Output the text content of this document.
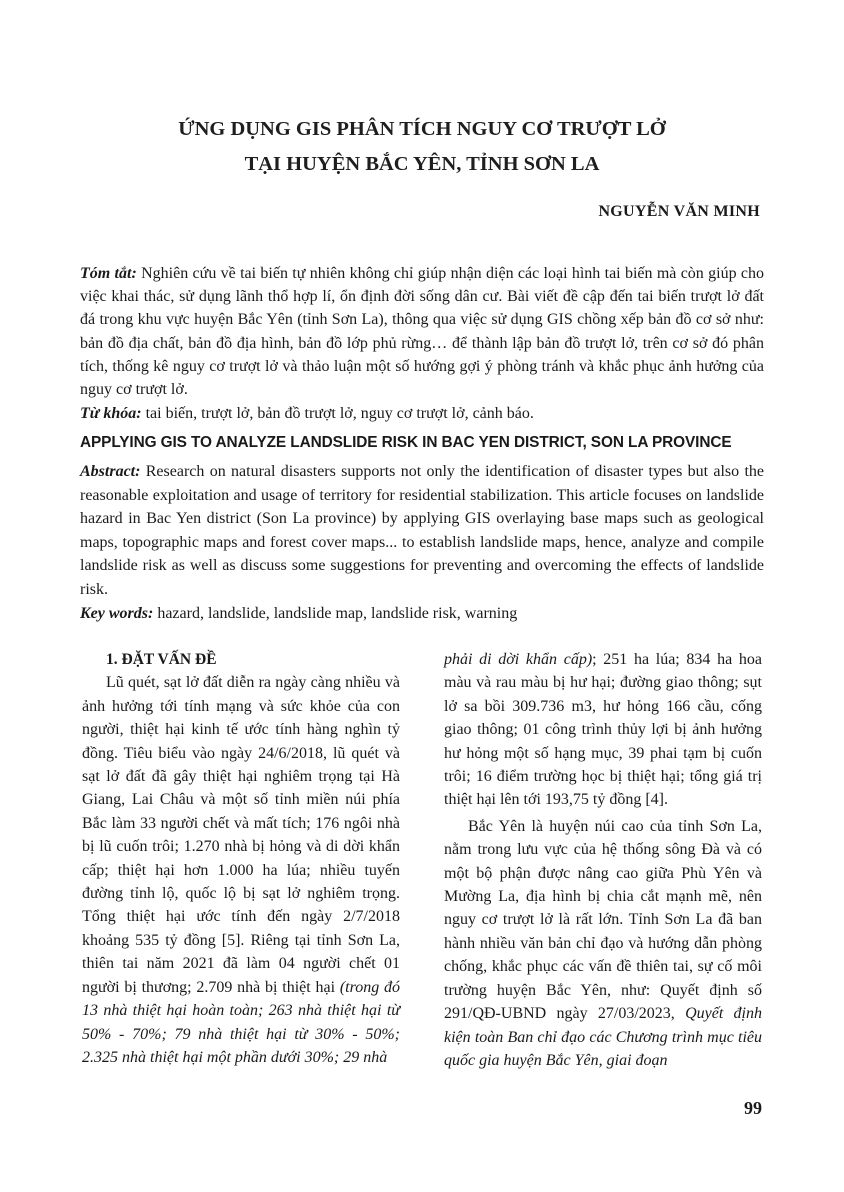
ỨNG DỤNG GIS PHÂN TÍCH NGUY CƠ TRƯỢT LỞ
TẠI HUYỆN BẮC YÊN, TỈNH SƠN LA
NGUYỄN VĂN MINH

Tóm tắt: Nghiên cứu về tai biến tự nhiên không chỉ giúp nhận diện các loại hình tai biến mà còn giúp cho việc khai thác, sử dụng lãnh thổ hợp lí, ổn định đời sống dân cư. Bài viết đề cập đến tai biến trượt lở đất đá trong khu vực huyện Bắc Yên (tỉnh Sơn La), thông qua việc sử dụng GIS chồng xếp bản đồ cơ sở như: bản đồ địa chất, bản đồ địa hình, bản đồ lớp phủ rừng… để thành lập bản đồ trượt lở, trên cơ sở đó phân tích, thống kê nguy cơ trượt lở và thảo luận một số hướng gợi ý phòng tránh và khắc phục ảnh hưởng của nguy cơ trượt lở.

Từ khóa: tai biến, trượt lở, bản đồ trượt lở, nguy cơ trượt lở, cảnh báo.

APPLYING GIS TO ANALYZE LANDSLIDE RISK IN BAC YEN DISTRICT, SON LA PROVINCE

Abstract: Research on natural disasters supports not only the identification of disaster types but also the reasonable exploitation and usage of territory for residential stabilization. This article focuses on landslide hazard in Bac Yen district (Son La province) by applying GIS overlaying base maps such as geological maps, topographic maps and forest cover maps... to establish landslide maps, hence, analyze and compile landslide risk as well as discuss some suggestions for preventing and overcoming the effects of landslide risk.

Key words: hazard, landslide, landslide map, landslide risk, warning

1. ĐẶT VẤN ĐỀ

Lũ quét, sạt lở đất diễn ra ngày càng nhiều và ảnh hưởng tới tính mạng và sức khỏe của con người, thiệt hại kinh tế ước tính hàng nghìn tỷ đồng. Tiêu biểu vào ngày 24/6/2018, lũ quét và sạt lở đất đã gây thiệt hại nghiêm trọng tại Hà Giang, Lai Châu và một số tỉnh miền núi phía Bắc làm 33 người chết và mất tích; 176 ngôi nhà bị lũ cuốn trôi; 1.270 nhà bị hỏng và di dời khẩn cấp; thiệt hại hơn 1.000 ha lúa; nhiều tuyến đường tỉnh lộ, quốc lộ bị sạt lở nghiêm trọng. Tổng thiệt hại ước tính đến ngày 2/7/2018 khoảng 535 tỷ đồng [5]. Riêng tại tỉnh Sơn La, thiên tai năm 2021 đã làm 04 người chết 01 người bị thương; 2.709 nhà bị thiệt hại (trong đó 13 nhà thiệt hại hoàn toàn; 263 nhà thiệt hại từ 50% - 70%; 79 nhà thiệt hại từ 30% - 50%; 2.325 nhà thiệt hại một phần dưới 30%; 29 nhà

phải di dời khẩn cấp); 251 ha lúa; 834 ha hoa màu và rau màu bị hư hại; đường giao thông; sụt lở sa bồi 309.736 m3, hư hỏng 166 cầu, cống giao thông; 01 công trình thủy lợi bị ảnh hưởng hư hỏng một số hạng mục, 39 phai tạm bị cuốn trôi; 16 điểm trường học bị thiệt hại; tổng giá trị thiệt hại lên tới 193,75 tỷ đồng [4].

Bắc Yên là huyện núi cao của tỉnh Sơn La, nằm trong lưu vực của hệ thống sông Đà và có một bộ phận được nâng cao giữa Phù Yên và Mường La, địa hình bị chia cắt mạnh mẽ, nên nguy cơ trượt lở là rất lớn. Tỉnh Sơn La đã ban hành nhiều văn bản chỉ đạo và hướng dẫn phòng chống, khắc phục các vấn đề thiên tai, sự cố môi trường huyện Bắc Yên, như: Quyết định số 291/QĐ-UBND ngày 27/03/2023, Quyết định kiện toàn Ban chỉ đạo các Chương trình mục tiêu quốc gia huyện Bắc Yên, giai đoạn

99
